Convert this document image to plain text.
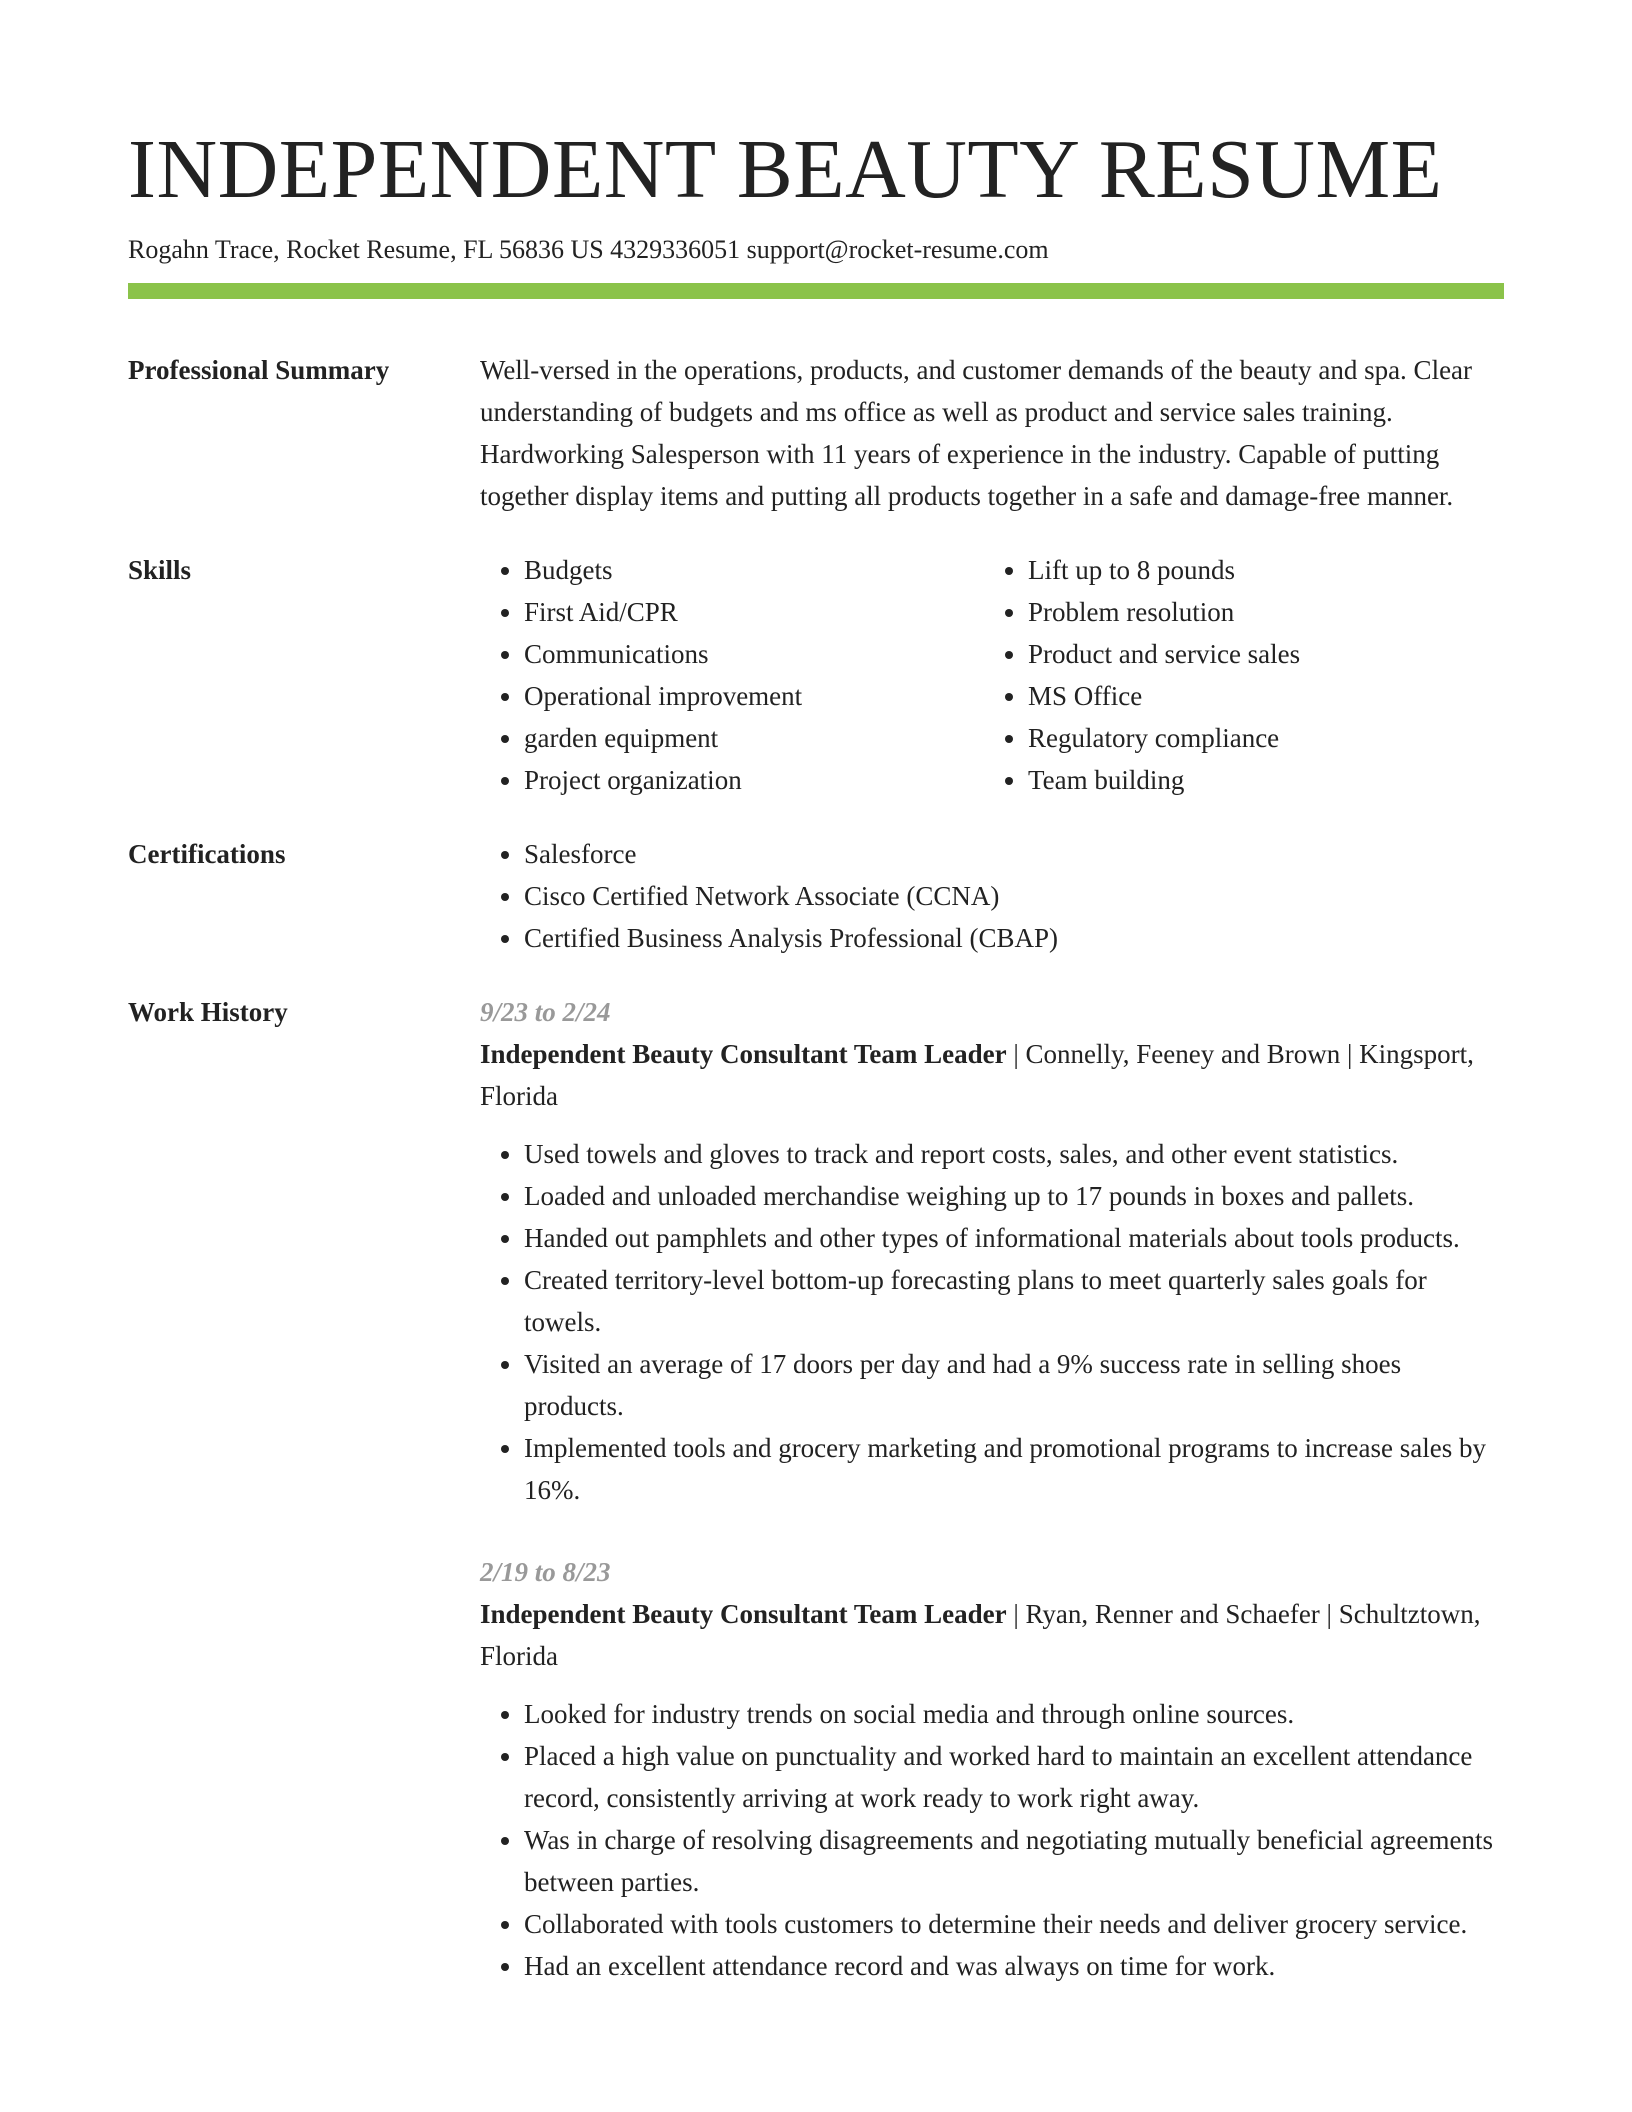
INDEPENDENT BEAUTY RESUME
Rogahn Trace, Rocket Resume, FL 56836 US 4329336051 support@rocket-resume.com
Professional Summary	Well-versed in the operations, products, and customer demands of the beauty and spa. Clear understanding of budgets and ms office as well as product and service sales training. Hardworking Salesperson with 11 years of experience in the industry. Capable of putting together display items and putting all products together in a safe and damage-free manner.
Skills	• Budgets
• First Aid/CPR
• Communications
• Operational improvement
• garden equipment
• Project organization
• Lift up to 8 pounds
• Problem resolution
• Product and service sales
• MS Office
• Regulatory compliance
• Team building
Certifications	• Salesforce
• Cisco Certified Network Associate (CCNA)
• Certified Business Analysis Professional (CBAP)
Work History	9/23 to 2/24
Independent Beauty Consultant Team Leader | Connelly, Feeney and Brown | Kingsport, Florida
• Used towels and gloves to track and report costs, sales, and other event statistics.
• Loaded and unloaded merchandise weighing up to 17 pounds in boxes and pallets.
• Handed out pamphlets and other types of informational materials about tools products.
• Created territory-level bottom-up forecasting plans to meet quarterly sales goals for towels.
• Visited an average of 17 doors per day and had a 9% success rate in selling shoes products.
• Implemented tools and grocery marketing and promotional programs to increase sales by 16%.
2/19 to 8/23
Independent Beauty Consultant Team Leader | Ryan, Renner and Schaefer | Schultztown, Florida
• Looked for industry trends on social media and through online sources.
• Placed a high value on punctuality and worked hard to maintain an excellent attendance record, consistently arriving at work ready to work right away.
• Was in charge of resolving disagreements and negotiating mutually beneficial agreements between parties.
• Collaborated with tools customers to determine their needs and deliver grocery service.
• Had an excellent attendance record and was always on time for work.
